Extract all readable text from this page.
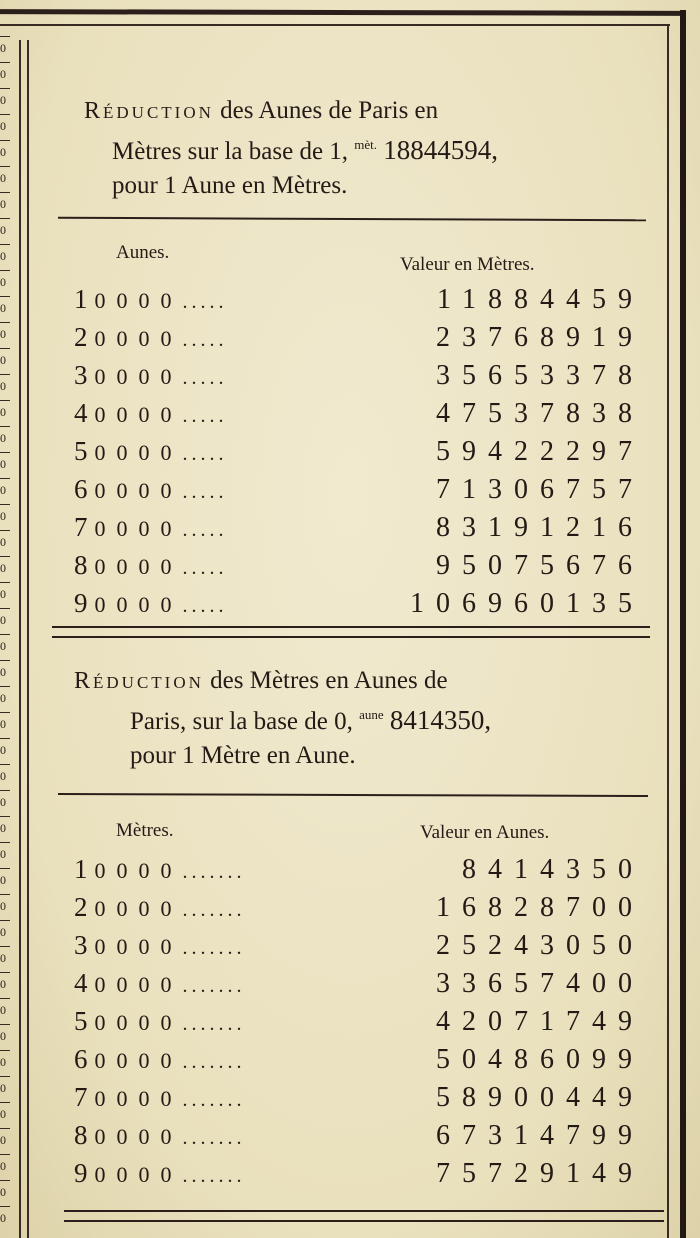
0
0
0
0
0
0
0
0
0
0
0
0
0
0
0
0
0
0
0
0
0
0
0
0
0
0
0
0
0
0
0
0
0
0
0
0
0
0
0
0
0
0
0
0
0
0
Réduction des Aunes de Paris en
Mètres sur la base de 1, $^{mèt.}$ 18844594,
pour 1 Aune en Mètres.
Aunes.
Valeur en Mètres.
10000.....	11884459
20000.....	23768919
30000.....	35653378
40000.....	47537838
50000.....	59422297
60000.....	71306757
70000.....	83191216
80000.....	95075676
90000.....	106960135
Réduction des Mètres en Aunes de
Paris, sur la base de 0, $^{aune}$ 8414350,
pour 1 Mètre en Aune.
Mètres.	Valeur en Aunes.
10000.......	8414350
20000.......	16828700
30000.......	25243050
40000.......	33657400
50000.......	42071749
60000.......	50486099
70000.......	58900449
80000.......	67314799
90000.......	75729149
